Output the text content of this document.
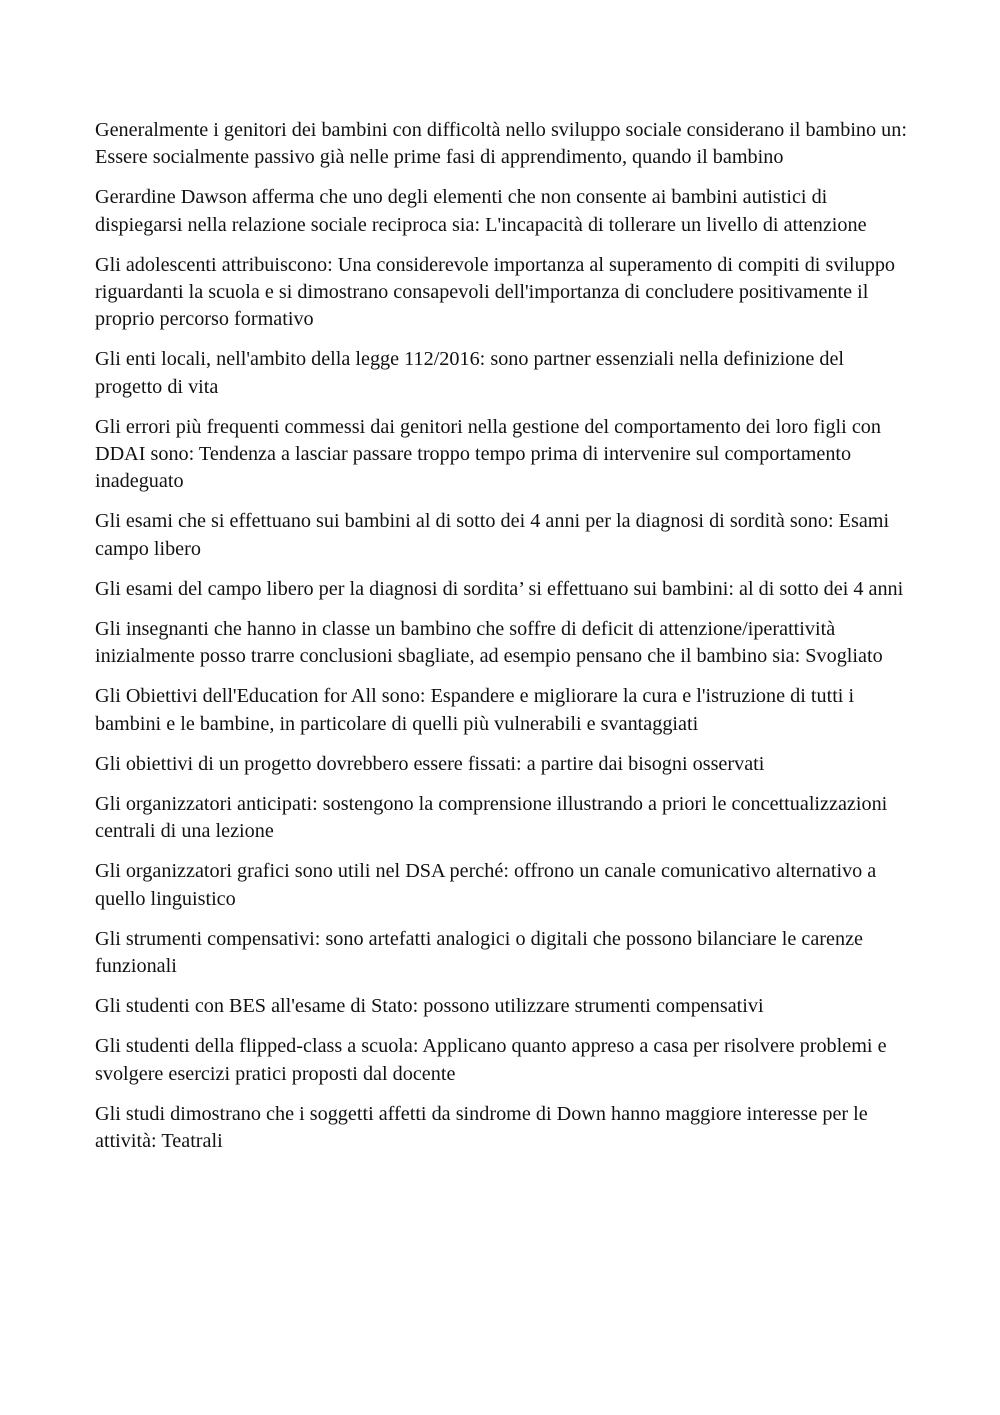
Generalmente i genitori dei bambini con difficoltà nello sviluppo sociale considerano il bambino un: Essere socialmente passivo già nelle prime fasi di apprendimento, quando il bambino

Gerardine Dawson afferma che uno degli elementi che non consente ai bambini autistici di dispiegarsi nella relazione sociale reciproca sia: L'incapacità di tollerare un livello di attenzione

Gli adolescenti attribuiscono: Una considerevole importanza al superamento di compiti di sviluppo riguardanti la scuola e si dimostrano consapevoli dell'importanza di concludere positivamente il proprio percorso formativo

Gli enti locali, nell'ambito della legge 112/2016: sono partner essenziali nella definizione del progetto di vita

Gli errori più frequenti commessi dai genitori nella gestione del comportamento dei loro figli con DDAI sono: Tendenza a lasciar passare troppo tempo prima di intervenire sul comportamento inadeguato

Gli esami che si effettuano sui bambini al di sotto dei 4 anni per la diagnosi di sordità sono: Esami campo libero

Gli esami del campo libero per la diagnosi di sordita’ si effettuano sui bambini: al di sotto dei 4 anni

Gli insegnanti che hanno in classe un bambino che soffre di deficit di attenzione/iperattività inizialmente posso trarre conclusioni sbagliate, ad esempio pensano che il bambino sia: Svogliato

Gli Obiettivi dell'Education for All sono: Espandere e migliorare la cura e l'istruzione di tutti i bambini e le bambine, in particolare di quelli più vulnerabili e svantaggiati

Gli obiettivi di un progetto dovrebbero essere fissati: a partire dai bisogni osservati

Gli organizzatori anticipati: sostengono la comprensione illustrando a priori le concettualizzazioni centrali di una lezione

Gli organizzatori grafici sono utili nel DSA perché: offrono un canale comunicativo alternativo a quello linguistico

Gli strumenti compensativi: sono artefatti analogici o digitali che possono bilanciare le carenze funzionali

Gli studenti con BES all'esame di Stato: possono utilizzare strumenti compensativi

Gli studenti della flipped-class a scuola: Applicano quanto appreso a casa per risolvere problemi e svolgere esercizi pratici proposti dal docente

Gli studi dimostrano che i soggetti affetti da sindrome di Down hanno maggiore interesse per le attività: Teatrali
